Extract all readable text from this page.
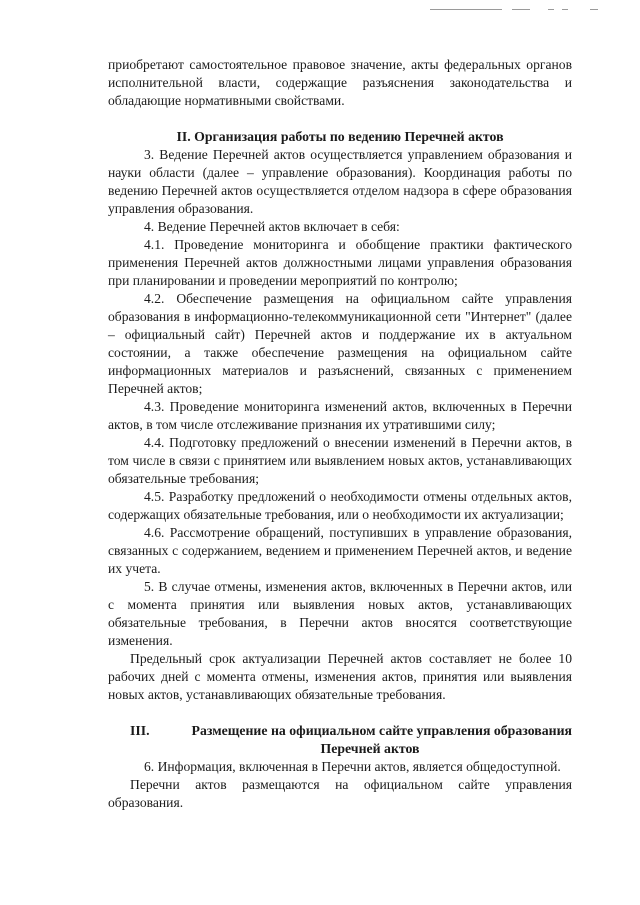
приобретают самостоятельное правовое значение, акты федеральных органов исполнительной власти, содержащие разъяснения законодательства и обладающие нормативными свойствами.

II. Организация работы по ведению Перечней актов

3. Ведение Перечней актов осуществляется управлением образования и науки области (далее – управление образования). Координация работы по ведению Перечней актов осуществляется отделом надзора в сфере образования управления образования.

4. Ведение Перечней актов включает в себя:

4.1. Проведение мониторинга и обобщение практики фактического применения Перечней актов должностными лицами управления образования при планировании и проведении мероприятий по контролю;

4.2. Обеспечение размещения на официальном сайте управления образования в информационно-телекоммуникационной сети "Интернет" (далее – официальный сайт) Перечней актов и поддержание их в актуальном состоянии, а также обеспечение размещения на официальном сайте информационных материалов и разъяснений, связанных с применением Перечней актов;

4.3. Проведение мониторинга изменений актов, включенных в Перечни актов, в том числе отслеживание признания их утратившими силу;

4.4. Подготовку предложений о внесении изменений в Перечни актов, в том числе в связи с принятием или выявлением новых актов, устанавливающих обязательные требования;

4.5. Разработку предложений о необходимости отмены отдельных актов, содержащих обязательные требования, или о необходимости их актуализации;

4.6. Рассмотрение обращений, поступивших в управление образования, связанных с содержанием, ведением и применением Перечней актов, и ведение их учета.

5. В случае отмены, изменения актов, включенных в Перечни актов, или с момента принятия или выявления новых актов, устанавливающих обязательные требования, в Перечни актов вносятся соответствующие изменения.

Предельный срок актуализации Перечней актов составляет не более 10 рабочих дней с момента отмены, изменения актов, принятия или выявления новых актов, устанавливающих обязательные требования.

III.	Размещение на официальном сайте управления образования
Перечней актов

6. Информация, включенная в Перечни актов, является общедоступной.

Перечни актов размещаются на официальном сайте управления образования.
